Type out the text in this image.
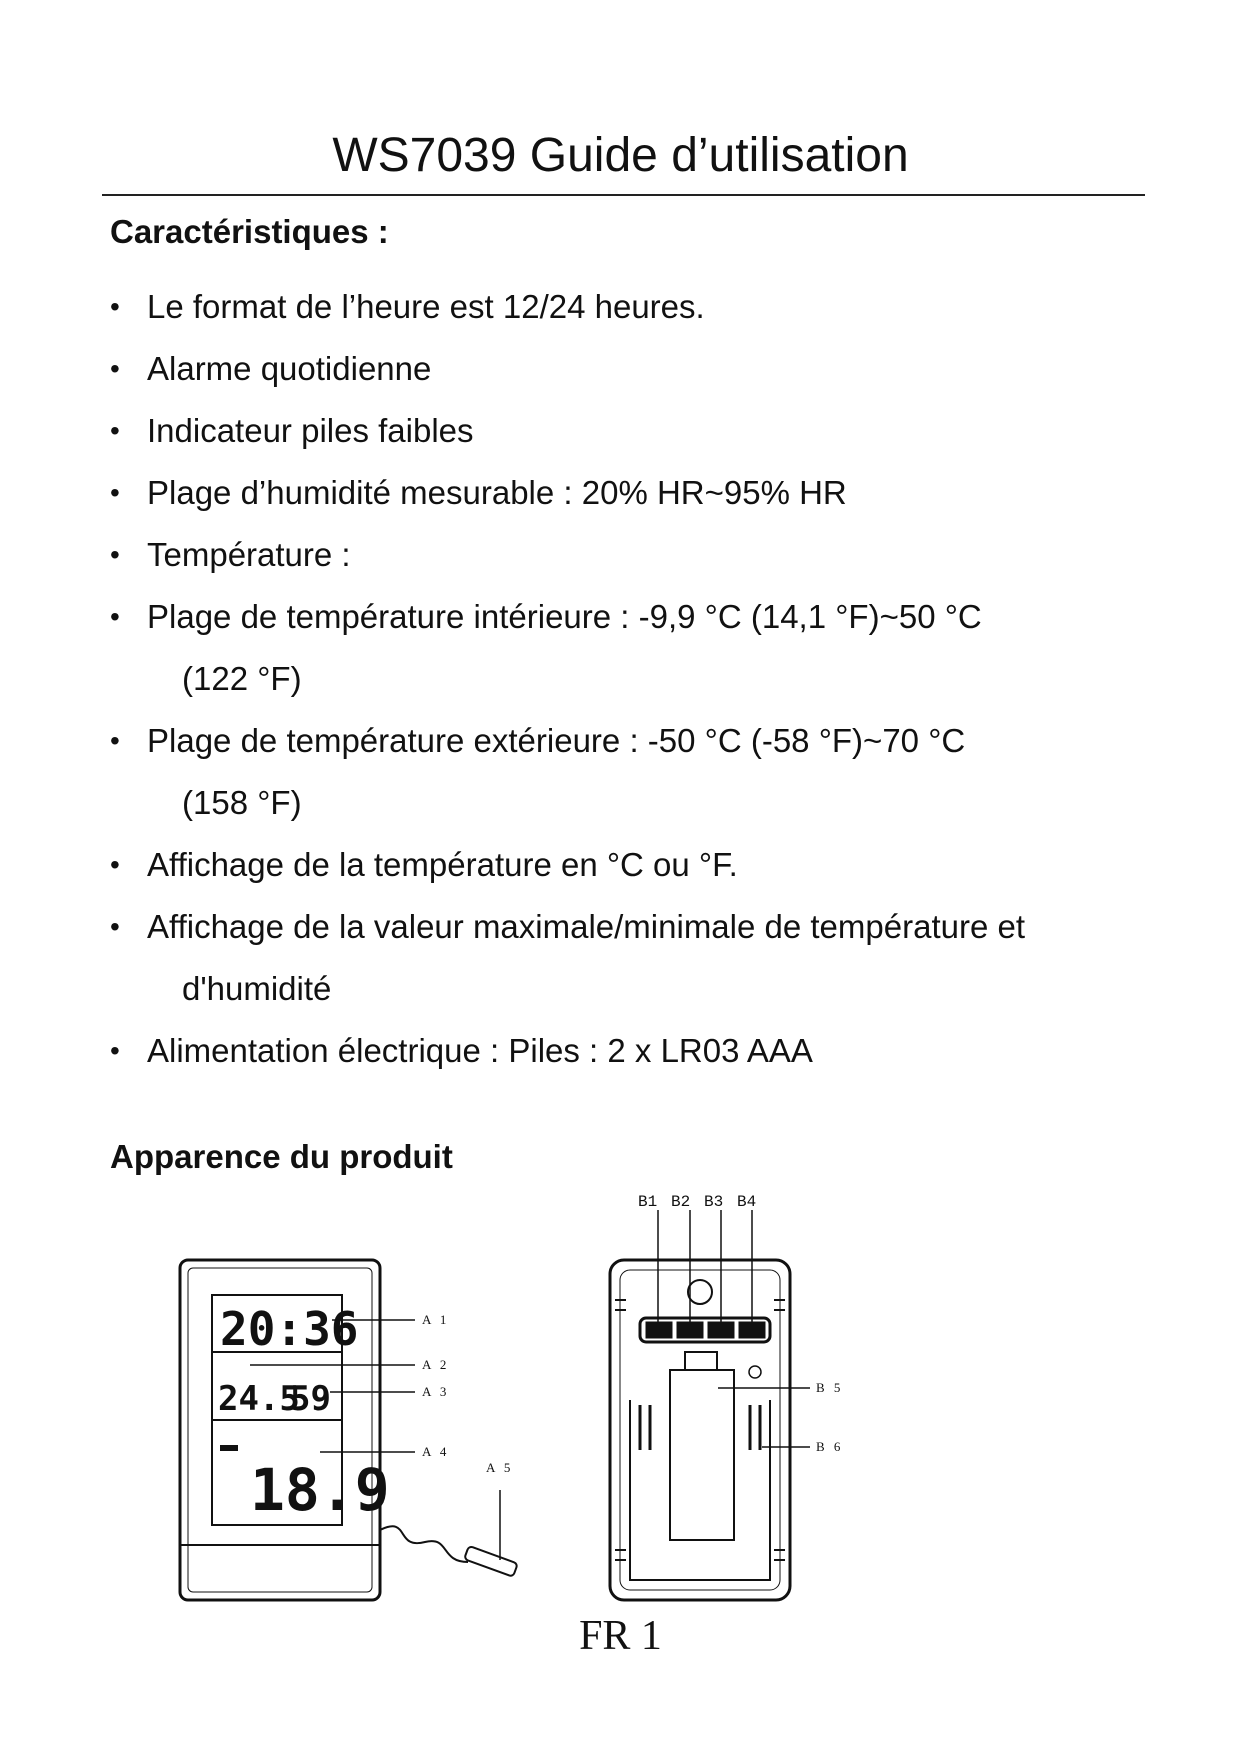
WS7039 Guide d’utilisation
Caractéristiques :
• Le format de l’heure est 12/24 heures.
• Alarme quotidienne
• Indicateur piles faibles
• Plage d’humidité mesurable : 20% HR~95% HR
• Température :
• Plage de température intérieure : -9,9 °C (14,1 °F)~50 °C
(122 °F)
• Plage de température extérieure : -50 °C (-58 °F)~70 °C
(158 °F)
• Affichage de la température en °C ou °F.
• Affichage de la valeur maximale/minimale de température et
d'humidité
• Alimentation électrique : Piles : 2 x LR03 AAA
Apparence du produit
20:36
24.5
59
18.9
A 1
A 2
A 3
A 4
A 5
B1 B2 B3 B4
B 5
B 6

FR 1
